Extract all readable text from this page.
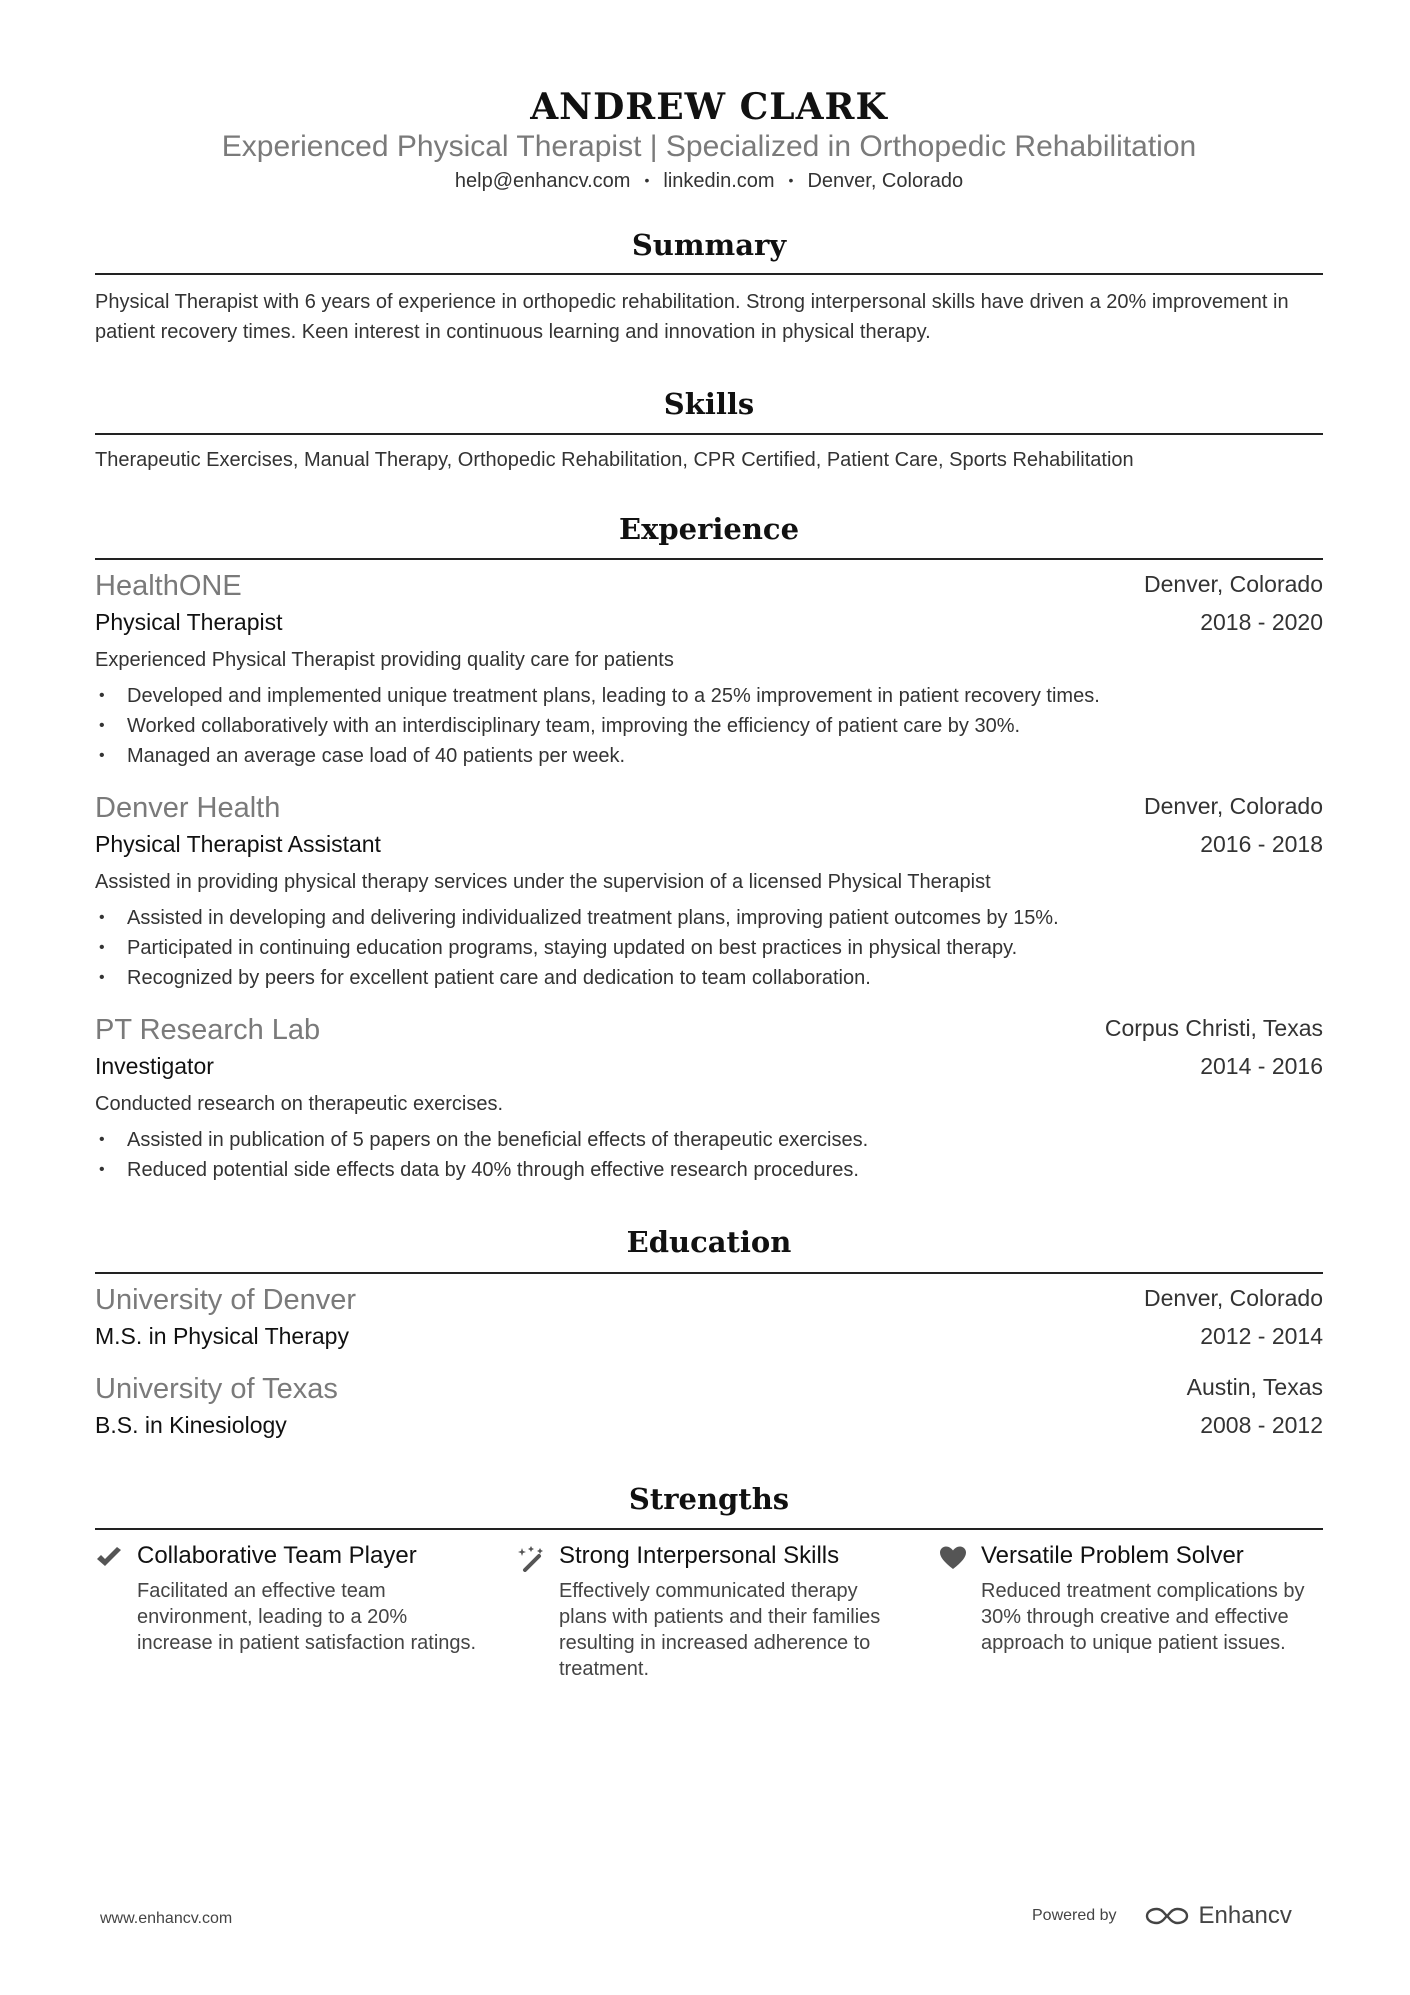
ANDREW CLARK
Experienced Physical Therapist | Specialized in Orthopedic Rehabilitation
help@enhancv.com • linkedin.com • Denver, Colorado
Summary
Physical Therapist with 6 years of experience in orthopedic rehabilitation. Strong interpersonal skills have driven a 20% improvement in patient recovery times. Keen interest in continuous learning and innovation in physical therapy.
Skills
Therapeutic Exercises, Manual Therapy, Orthopedic Rehabilitation, CPR Certified, Patient Care, Sports Rehabilitation
Experience
HealthONE	Denver, Colorado
Physical Therapist	2018 - 2020
Experienced Physical Therapist providing quality care for patients
• Developed and implemented unique treatment plans, leading to a 25% improvement in patient recovery times.
• Worked collaboratively with an interdisciplinary team, improving the efficiency of patient care by 30%.
• Managed an average case load of 40 patients per week.
Denver Health	Denver, Colorado
Physical Therapist Assistant	2016 - 2018
Assisted in providing physical therapy services under the supervision of a licensed Physical Therapist
• Assisted in developing and delivering individualized treatment plans, improving patient outcomes by 15%.
• Participated in continuing education programs, staying updated on best practices in physical therapy.
• Recognized by peers for excellent patient care and dedication to team collaboration.
PT Research Lab	Corpus Christi, Texas
Investigator	2014 - 2016
Conducted research on therapeutic exercises.
• Assisted in publication of 5 papers on the beneficial effects of therapeutic exercises.
• Reduced potential side effects data by 40% through effective research procedures.
Education
University of Denver	Denver, Colorado
M.S. in Physical Therapy	2012 - 2014
University of Texas	Austin, Texas
B.S. in Kinesiology	2008 - 2012
Strengths
Collaborative Team Player
Facilitated an effective team environment, leading to a 20% increase in patient satisfaction ratings.
Strong Interpersonal Skills
Effectively communicated therapy plans with patients and their families resulting in increased adherence to treatment.
Versatile Problem Solver
Reduced treatment complications by 30% through creative and effective approach to unique patient issues.
www.enhancv.com	Powered by	Enhancv
